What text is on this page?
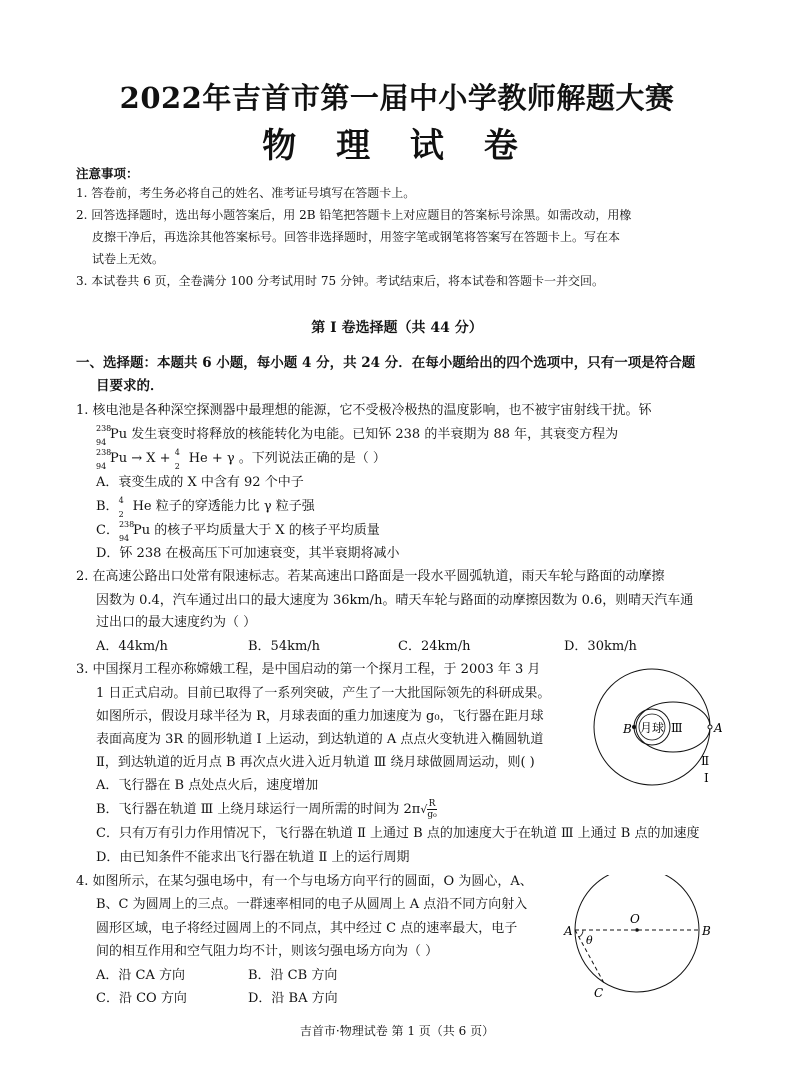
2022年吉首市第一届中小学教师解题大赛
物 理 试 卷
注意事项：
1. 答卷前，考生务必将自己的姓名、准考证号填写在答题卡上。
2. 回答选择题时，选出每小题答案后，用 2B 铅笔把答题卡上对应题目的答案标号涂黑。如需改动，用橡
皮擦干净后，再选涂其他答案标号。回答非选择题时，用签字笔或钢笔将答案写在答题卡上。写在本
试卷上无效。
3. 本试卷共 6 页，全卷满分 100 分考试用时 75 分钟。考试结束后，将本试卷和答题卡一并交回。
第 I 卷选择题（共 44 分）
一、选择题：本题共 6 小题，每小题 4 分，共 24 分．在每小题给出的四个选项中，只有一项是符合题
目要求的．
1. 核电池是各种深空探测器中最理想的能源，它不受极冷极热的温度影响，也不被宇宙射线干扰。钚
238
94
Pu 发生衰变时将释放的核能转化为电能。已知钚 238 的半衰期为 88 年，其衰变方程为
238
94
Pu → X + 4
2
He + γ 。下列说法正确的是（ ）
A．衰变生成的 X 中含有 92 个中子
B． 4
2
He 粒子的穿透能力比 γ 粒子强
C． 238
94
Pu 的核子平均质量大于 X 的核子平均质量
D．钚 238 在极高压下可加速衰变，其半衰期将减小
2. 在高速公路出口处常有限速标志。若某高速出口路面是一段水平圆弧轨道，雨天车轮与路面的动摩擦
因数为 0.4，汽车通过出口的最大速度为 36km/h。晴天车轮与路面的动摩擦因数为 0.6，则晴天汽车通
过出口的最大速度约为（ ）
A．44km/h	B．54km/h	C．24km/h	D．30km/h
3. 中国探月工程亦称嫦娥工程，是中国启动的第一个探月工程，于 2003 年 3 月
1 日正式启动。目前已取得了一系列突破，产生了一大批国际领先的科研成果。
如图所示，假设月球半径为 R，月球表面的重力加速度为 g₀，飞行器在距月球
表面高度为 3R 的圆形轨道 Ⅰ 上运动，到达轨道的 A 点点火变轨进入椭圆轨道
Ⅱ，到达轨道的近月点 B 再次点火进入近月轨道 Ⅲ 绕月球做圆周运动，则( )
A．飞行器在 B 点处点火后，速度增加
B．飞行器在轨道 Ⅲ 上绕月球运行一周所需的时间为 $2\pi√ \frac{R}{\text{g₀}}$
C．只有万有引力作用情况下，飞行器在轨道 Ⅱ 上通过 B 点的加速度大于在轨道 Ⅲ 上通过 B 点的加速度
D．由已知条件不能求出飞行器在轨道 Ⅱ 上的运行周期
月球 Ⅲ
B	A
Ⅱ
Ⅰ
4. 如图所示，在某匀强电场中，有一个与电场方向平行的圆面，O 为圆心，A、
B、C 为圆周上的三点。一群速率相同的电子从圆周上 A 点沿不同方向射入
圆形区域，电子将经过圆周上的不同点，其中经过 C 点的速率最大，电子
间的相互作用和空气阻力均不计，则该匀强电场方向为（ ）
A．沿 CA 方向	B．沿 CB 方向
C．沿 CO 方向	D．沿 BA 方向
O
A	B
C
θ
吉首市·物理试卷 第 1 页（共 6 页）
